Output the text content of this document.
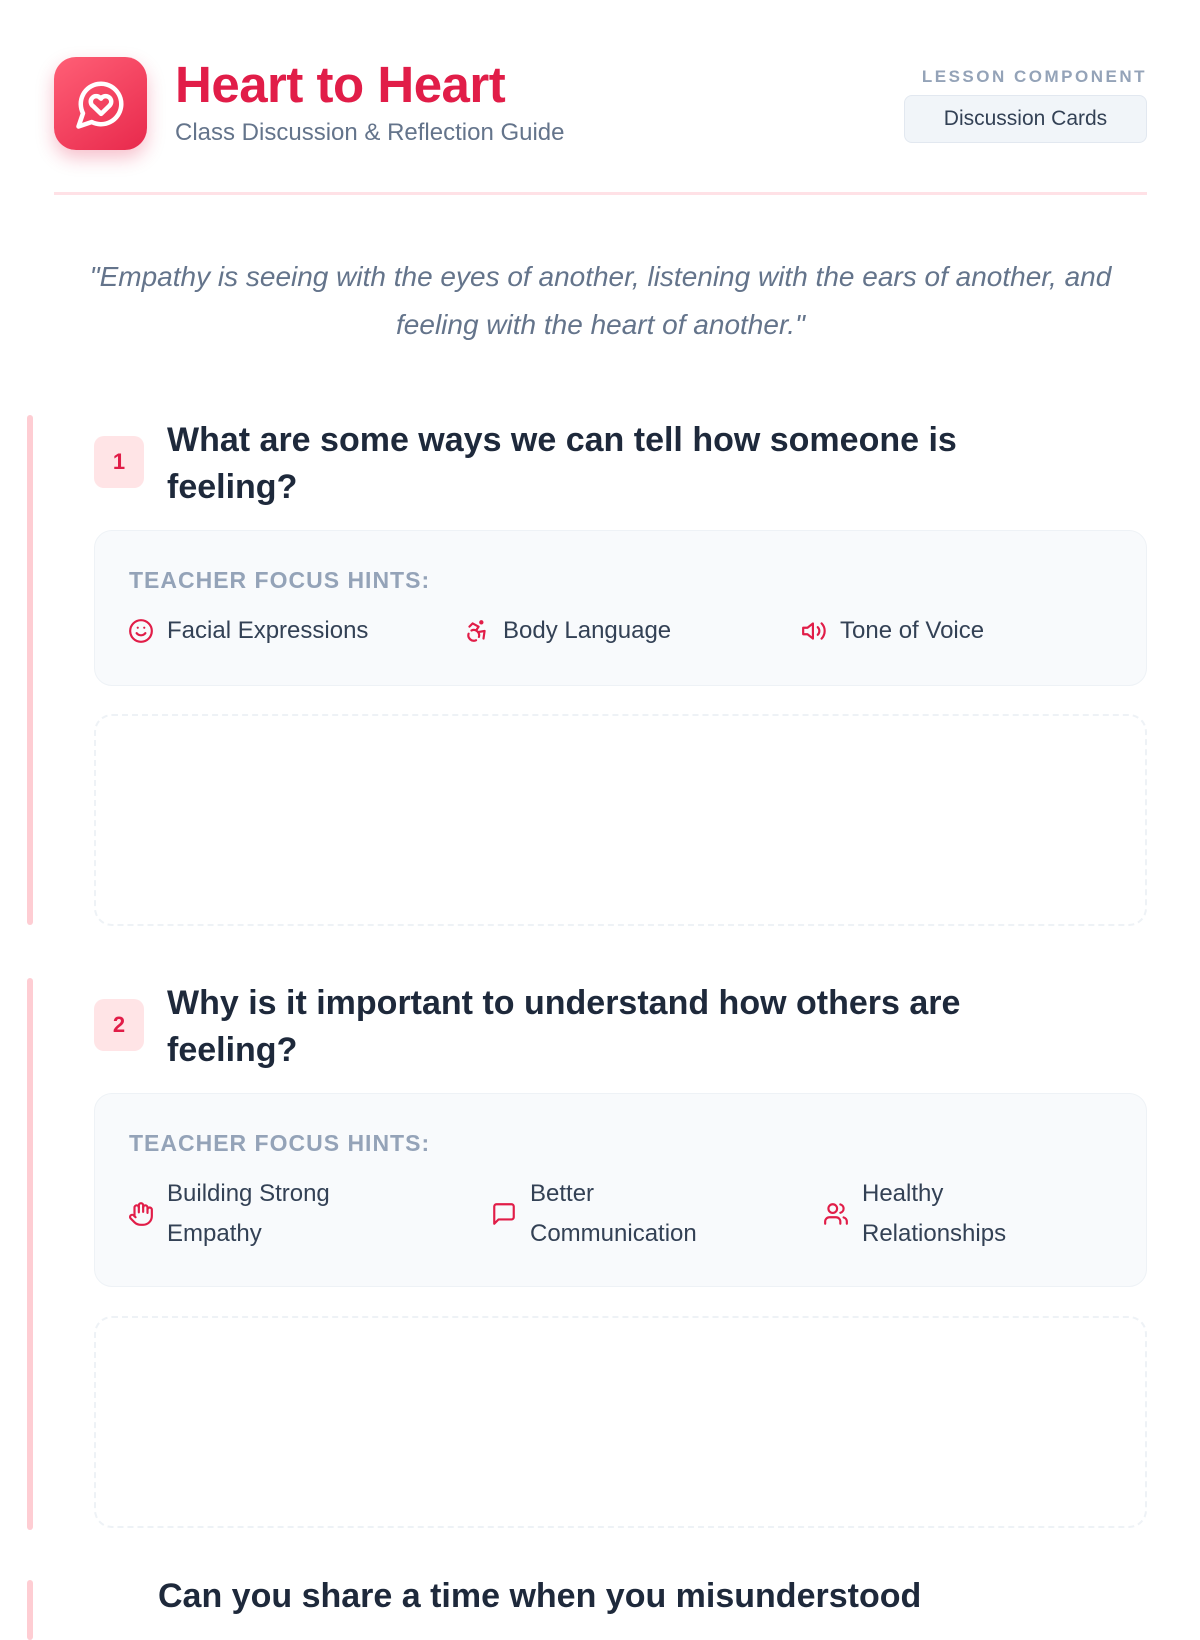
Heart to Heart
Class Discussion & Reflection Guide
LESSON COMPONENT
Discussion Cards

"Empathy is seeing with the eyes of another, listening with the ears of another, and feeling with the heart of another."

1
What are some ways we can tell how someone is feeling?
TEACHER FOCUS HINTS:
Facial Expressions	Body Language	Tone of Voice
2
Why is it important to understand how others are feeling?
TEACHER FOCUS HINTS:
Building Strong Empathy
Better Communication
Healthy Relationships
Can you share a time when you misunderstood
